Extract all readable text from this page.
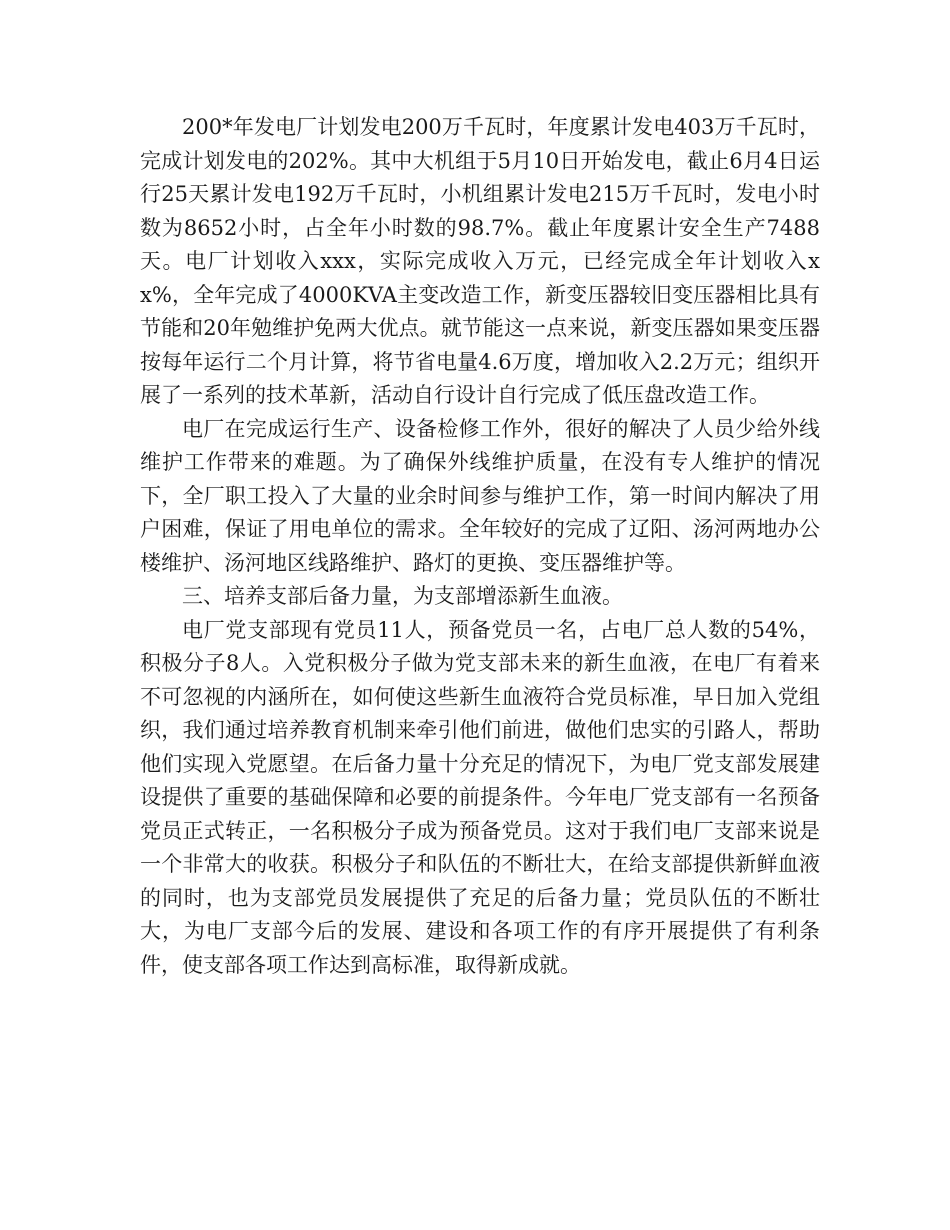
200*年发电厂计划发电200万千瓦时，年度累计发电403万千瓦时，完成计划发电的202%。其中大机组于5月10日开始发电，截止6月4日运行25天累计发电192万千瓦时，小机组累计发电215万千瓦时，发电小时数为8652小时，占全年小时数的98.7%。截止年度累计安全生产7488天。电厂计划收入xxx，实际完成收入万元，已经完成全年计划收入xx%，全年完成了4000KVA主变改造工作，新变压器较旧变压器相比具有节能和20年勉维护免两大优点。就节能这一点来说，新变压器如果变压器按每年运行二个月计算，将节省电量4.6万度，增加收入2.2万元；组织开展了一系列的技术革新，活动自行设计自行完成了低压盘改造工作。

电厂在完成运行生产、设备检修工作外，很好的解决了人员少给外线维护工作带来的难题。为了确保外线维护质量，在没有专人维护的情况下，全厂职工投入了大量的业余时间参与维护工作，第一时间内解决了用户困难，保证了用电单位的需求。全年较好的完成了辽阳、汤河两地办公楼维护、汤河地区线路维护、路灯的更换、变压器维护等。

三、培养支部后备力量，为支部增添新生血液。

电厂党支部现有党员11人，预备党员一名，占电厂总人数的54%，积极分子8人。入党积极分子做为党支部未来的新生血液，在电厂有着来不可忽视的内涵所在，如何使这些新生血液符合党员标准，早日加入党组织，我们通过培养教育机制来牵引他们前进，做他们忠实的引路人，帮助他们实现入党愿望。在后备力量十分充足的情况下，为电厂党支部发展建设提供了重要的基础保障和必要的前提条件。今年电厂党支部有一名预备党员正式转正，一名积极分子成为预备党员。这对于我们电厂支部来说是一个非常大的收获。积极分子和队伍的不断壮大，在给支部提供新鲜血液的同时，也为支部党员发展提供了充足的后备力量；党员队伍的不断壮大，为电厂支部今后的发展、建设和各项工作的有序开展提供了有利条件，使支部各项工作达到高标准，取得新成就。
